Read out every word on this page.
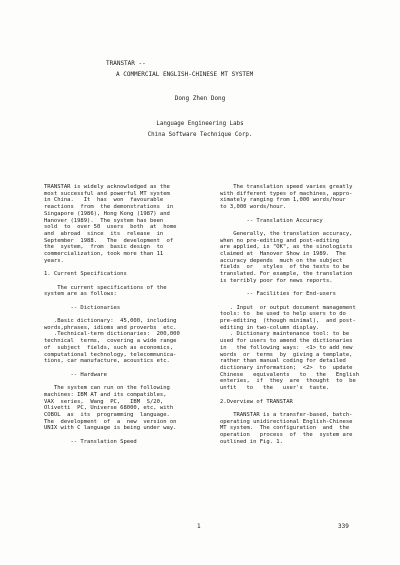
TRANSTAR --
A COMMERCIAL ENGLISH-CHINESE MT SYSTEM
Dong Zhen Dong
Language Engineering Labs
China Software Technique Corp.

TRANSTAR is widely acknowledged as the

most successful and powerful MT system

in China.   It  has  won  favourable

reactions  from  the demonstrations  in

Singapore (1986), Hong Kong (1987) and

Hanover (1989).  The system has been

sold  to  over 50  users  both  at  home

and  abroad  since  its  release  in

September  1988.   The  development  of

the  system,  from  basic design  to

commercialization, took more than 11

years.

1. Current Specifications

The current specifications of the

system are as follows:

-- Dictionaries

.Basic dictionary:  45,000, including

words,phrases, idioms and proverbs  etc.

.Technical-term dictionaries:  200,000

technical  terms,  covering a wide range

of  subject  fields, such as economics,

computational technology, telecommunica-

tions, car manufacture, acoustics etc.

-- Hardware

The system can run on the following

machines: IBM AT and its compatibles,

VAX  series,  Wang  PC,   IBM  S/20,

Olivetti  PC, Universe 68000, etc, with

COBOL  as  its  programming  language.

The  development  of  a  new  version on

UNIX with C language is being under way.

-- Translation Speed

The translation speed varies greatly

with different types of machines, appro-

ximately ranging from 1,000 words/hour

to 3,000 words/hour.

-- Translation Accuracy

Generally, the translation accuracy,

when no pre-editing and post-editing

are applied, is "OK", as the sinologists

claimed at  Hanover Show in 1989.  The

accuracy depends  much on the subject

fields  or   styles  of the texts to be

translated. For example, the translation

is terribly poor for news reports.

-- Facilities for End-users

. Input  or output document management

tools: to  be used to help users to do

pre-editing  (though minimal),  and post-

editing in two-column display.

. Dictionary maintenance tool: to be

used for users to amend the dictionaries

in   the following ways:  <1> to add new

words  or  terms  by  giving a template,

rather than manual coding for detailed

dictionary information;  <2>  to  update

Chinese   equivalents   to   the   English

enteries,  if  they  are  thought  to  be

unfit   to   the   user's  taste.

2.Overview of TRANSTAR

TRANSTAR is a transfer-based, batch-

operating unidirectional English-Chinese

MT system.  The configuration  and  the

operation   process  of  the  system are

outlined in Fig. 1.

1	339
